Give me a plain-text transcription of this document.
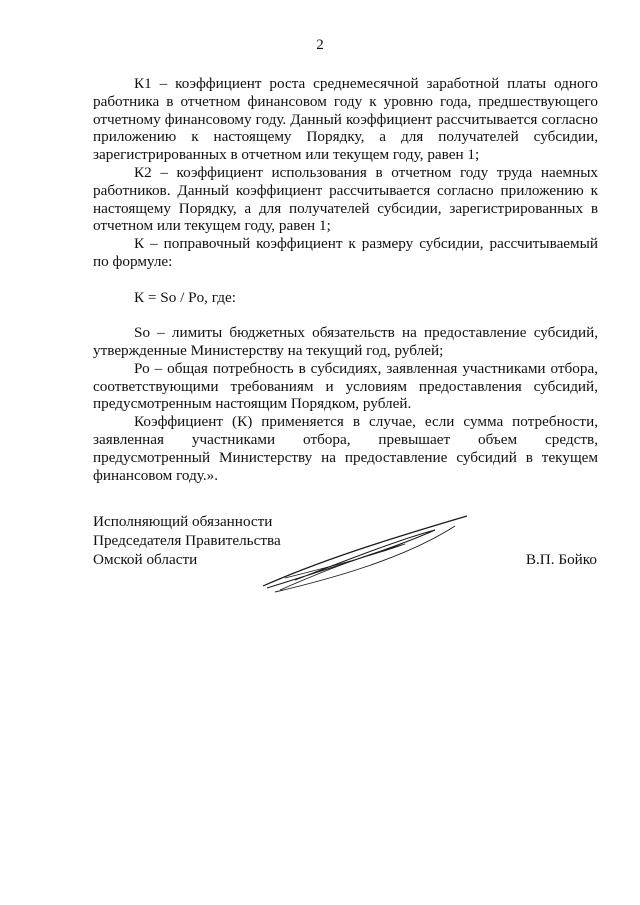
2

К1 – коэффициент роста среднемесячной заработной платы одного работника в отчетном финансовом году к уровню года, предшествующего отчетному финансовому году. Данный коэффициент рассчитывается согласно приложению к настоящему Порядку, а для получателей субсидии, зарегистрированных в отчетном или текущем году, равен 1;

К2 – коэффициент использования в отчетном году труда наемных работников. Данный коэффициент рассчитывается согласно приложению к настоящему Порядку, а для получателей субсидии, зарегистрированных в отчетном или текущем году, равен 1;

К – поправочный коэффициент к размеру субсидии, рассчитываемый по формуле:

К = So / Po, где:

So – лимиты бюджетных обязательств на предоставление субсидий, утвержденные Министерству на текущий год, рублей;

Ро – общая потребность в субсидиях, заявленная участниками отбора, соответствующими требованиям и условиям предоставления субсидий, предусмотренным настоящим Порядком, рублей.

Коэффициент (К) применяется в случае, если сумма потребности, заявленная участниками отбора, превышает объем средств, предусмотренный Министерству на предоставление субсидий в текущем финансовом году.».

Исполняющий обязанности
Председателя Правительства
Омской области	В.П. Бойко
